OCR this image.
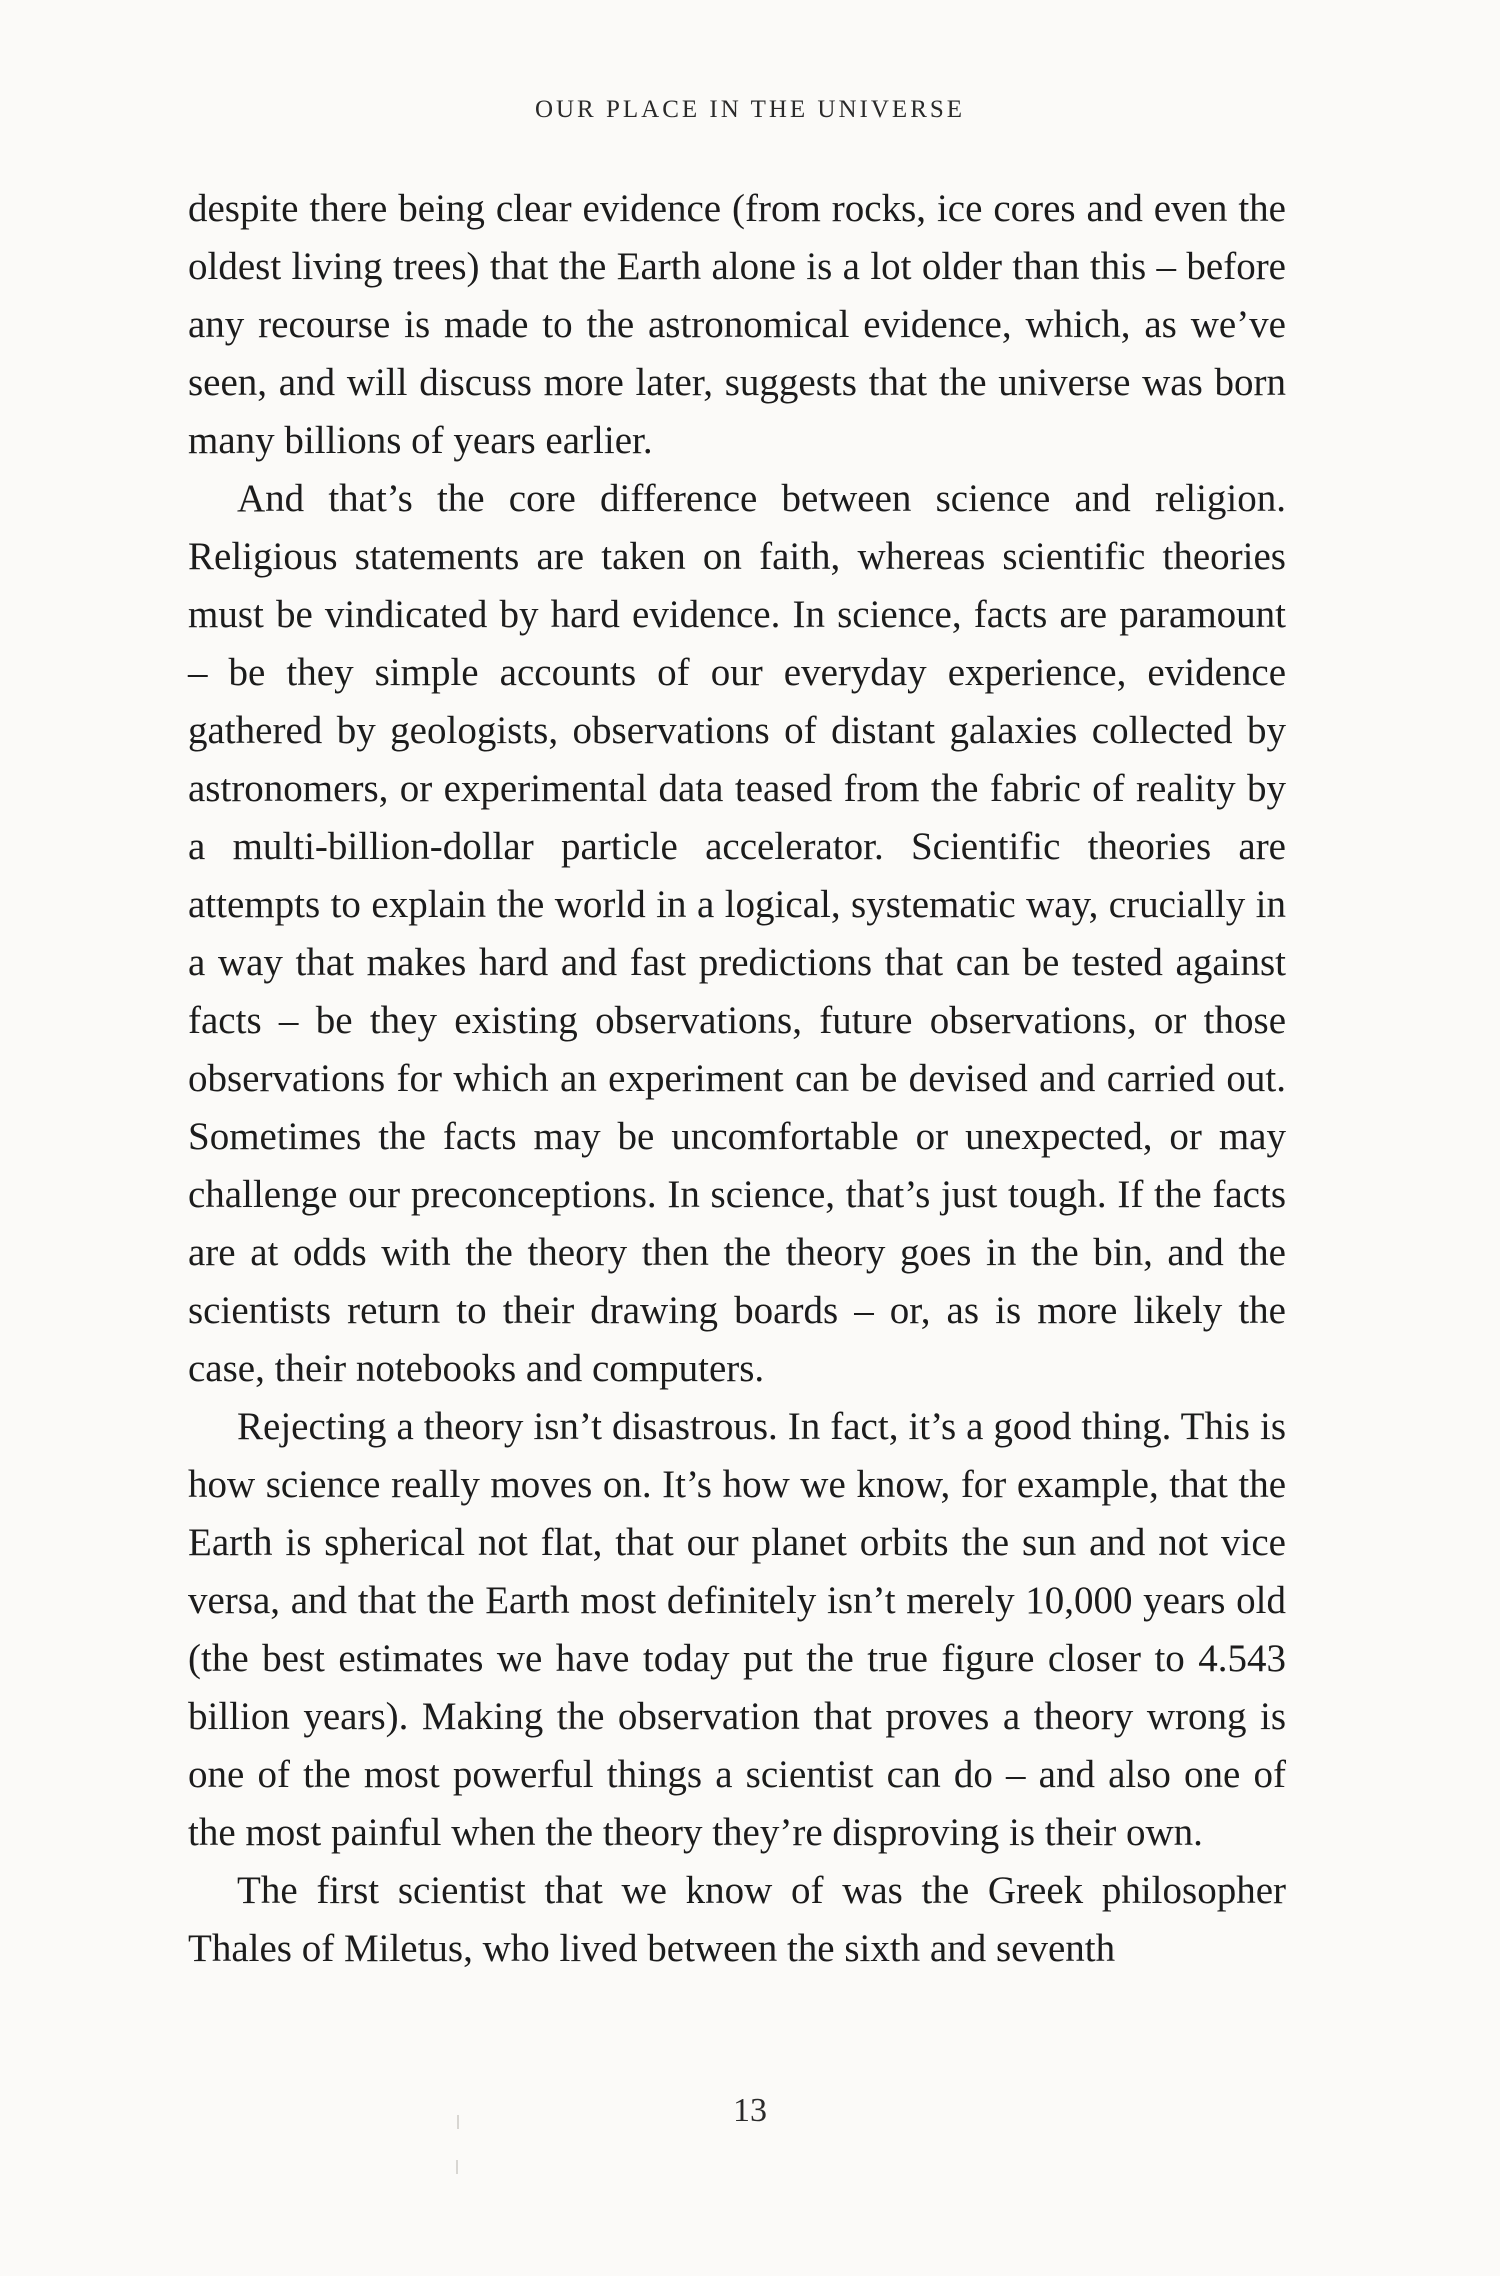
OUR PLACE IN THE UNIVERSE

despite there being clear evidence (from rocks, ice cores and even the oldest living trees) that the Earth alone is a lot older than this – before any recourse is made to the astronomical evidence, which, as we’ve seen, and will discuss more later, suggests that the universe was born many billions of years earlier.

And that’s the core difference between science and religion. Religious statements are taken on faith, whereas scientific theories must be vindicated by hard evidence. In science, facts are paramount – be they simple accounts of our everyday experience, evidence gathered by geologists, observations of distant galaxies collected by astronomers, or experimental data teased from the fabric of reality by a multi-billion-dollar particle accelerator. Scientific theories are attempts to explain the world in a logical, systematic way, crucially in a way that makes hard and fast predictions that can be tested against facts – be they existing observations, future observations, or those observations for which an experiment can be devised and carried out. Sometimes the facts may be uncomfortable or unexpected, or may challenge our preconceptions. In science, that’s just tough. If the facts are at odds with the theory then the theory goes in the bin, and the scientists return to their drawing boards – or, as is more likely the case, their notebooks and computers.

Rejecting a theory isn’t disastrous. In fact, it’s a good thing. This is how science really moves on. It’s how we know, for example, that the Earth is spherical not flat, that our planet orbits the sun and not vice versa, and that the Earth most definitely isn’t merely 10,000 years old (the best estimates we have today put the true figure closer to 4.543 billion years). Making the observation that proves a theory wrong is one of the most powerful things a scientist can do – and also one of the most painful when the theory they’re disproving is their own.

The first scientist that we know of was the Greek philosopher Thales of Miletus, who lived between the sixth and seventh

13
